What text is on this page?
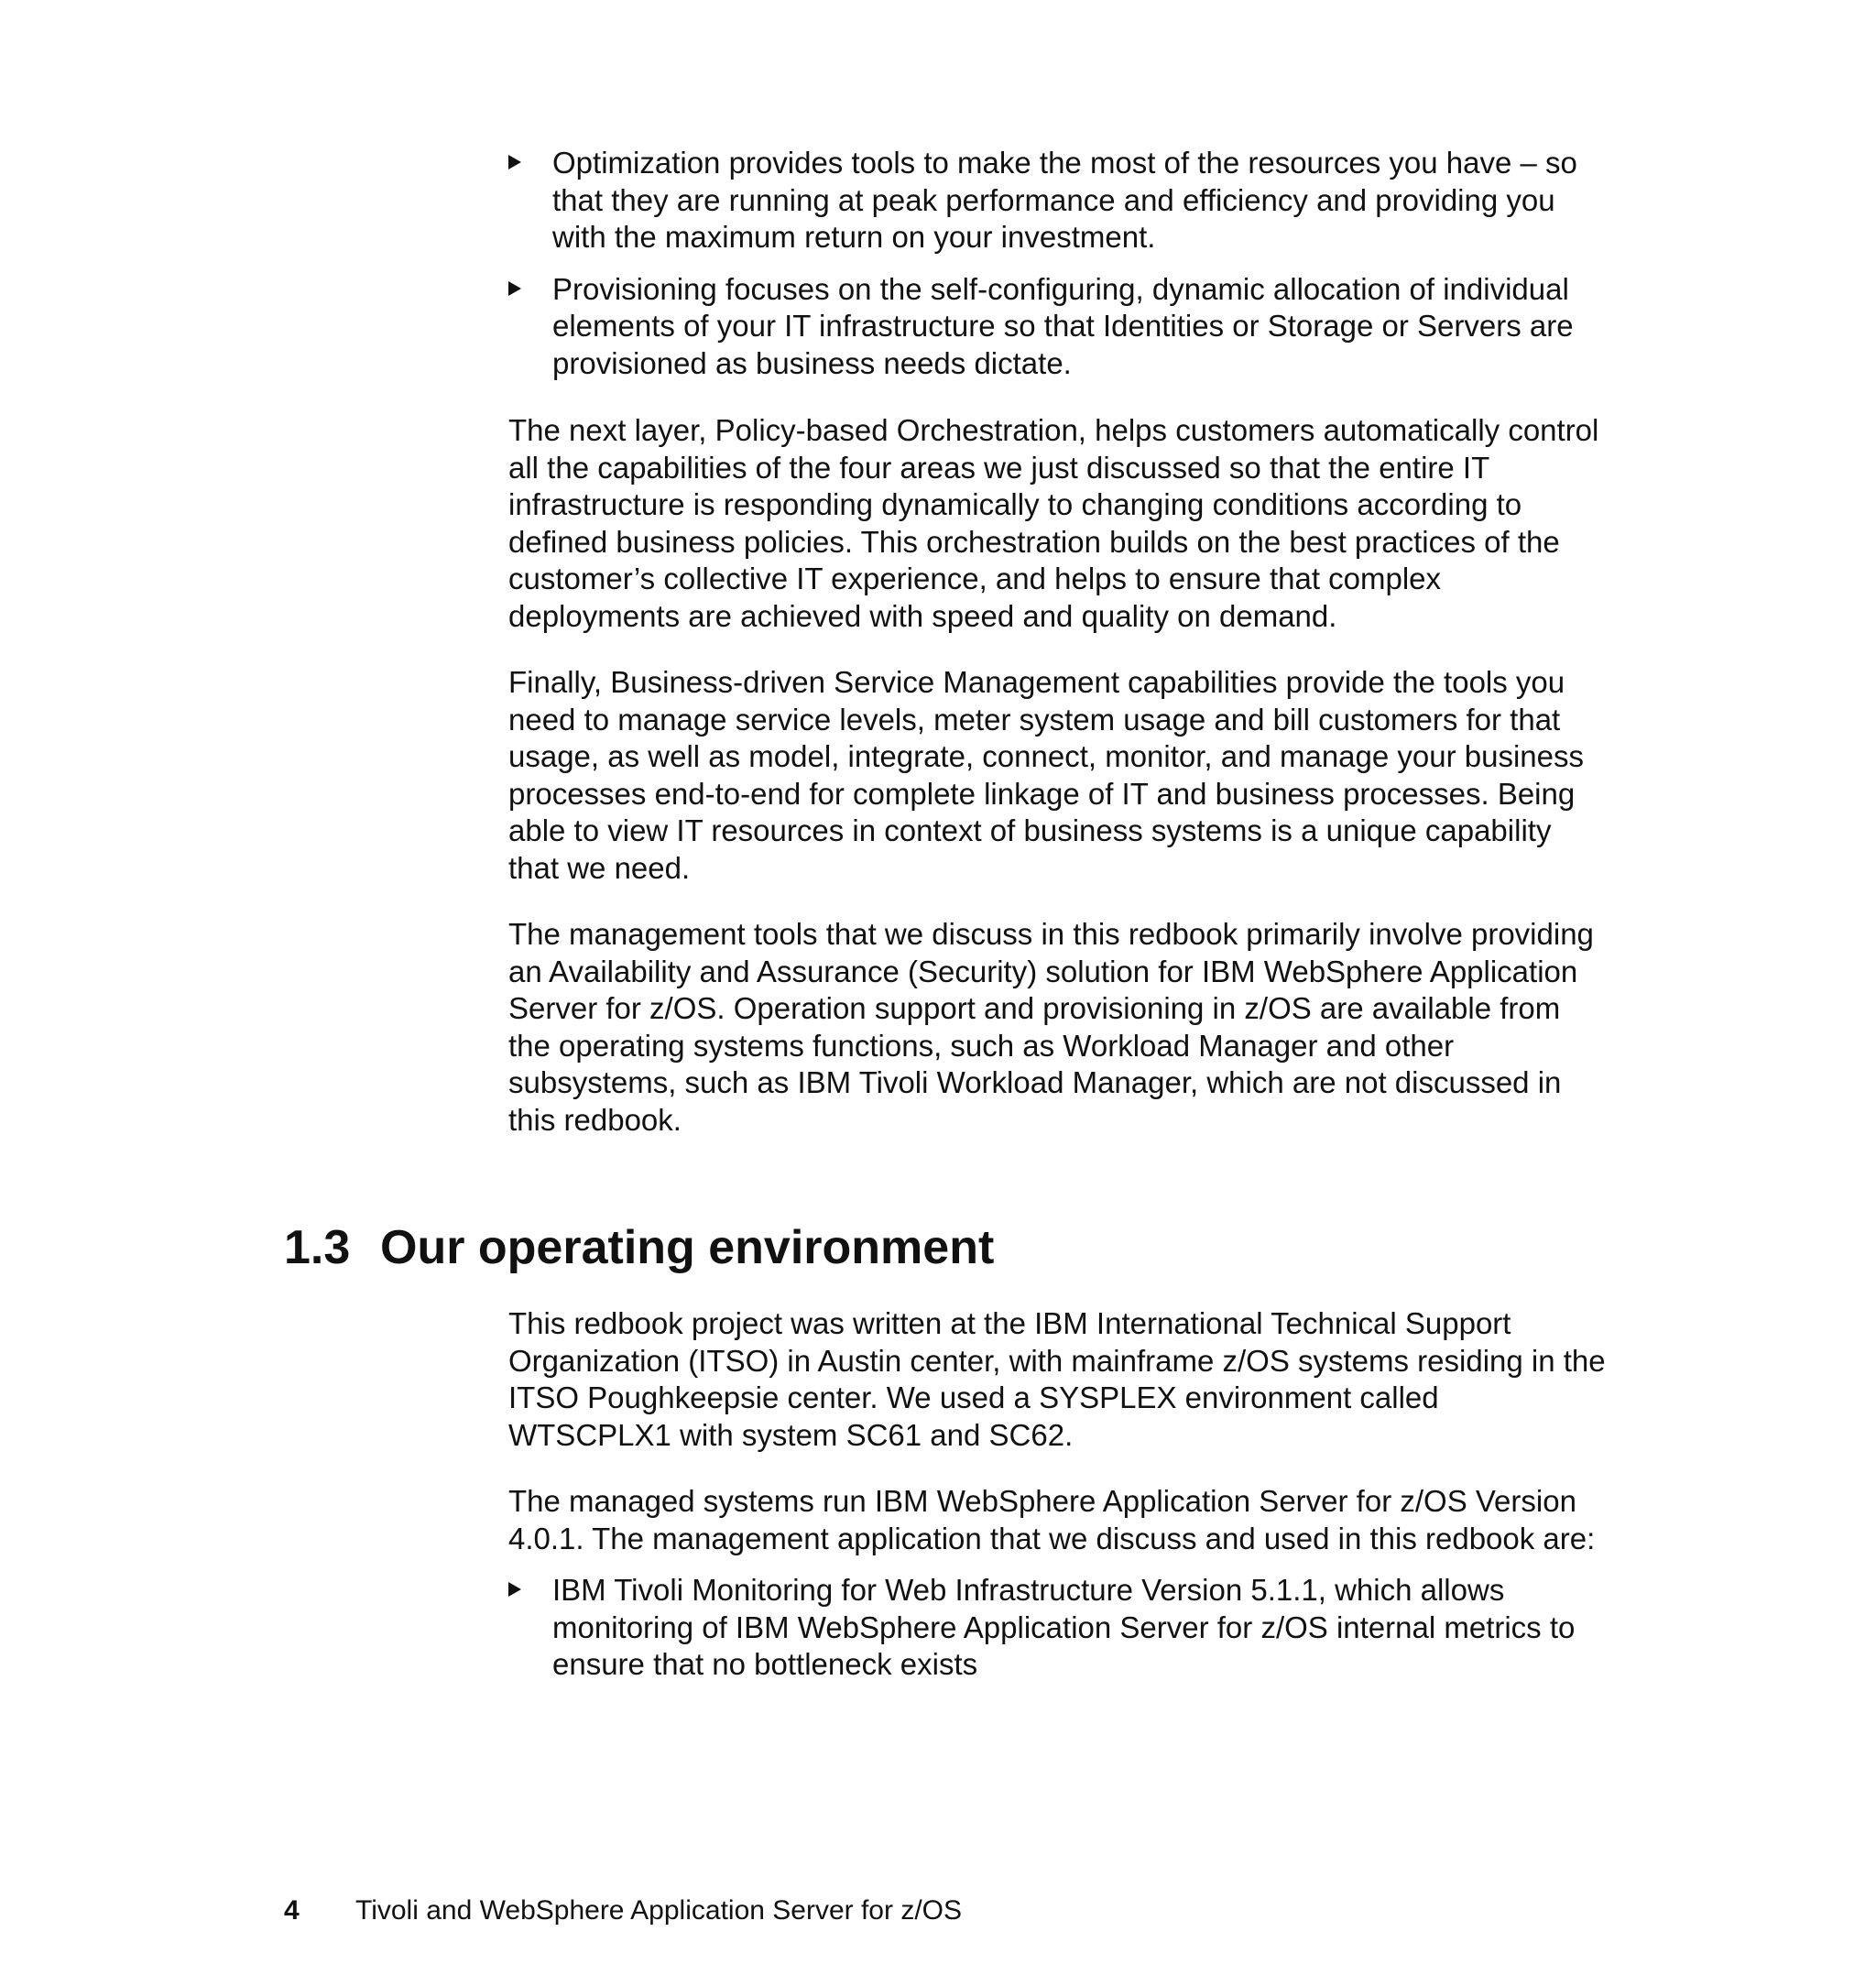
Optimization provides tools to make the most of the resources you have – so that they are running at peak performance and efficiency and providing you with the maximum return on your investment.
Provisioning focuses on the self-configuring, dynamic allocation of individual elements of your IT infrastructure so that Identities or Storage or Servers are provisioned as business needs dictate.

The next layer, Policy-based Orchestration, helps customers automatically control all the capabilities of the four areas we just discussed so that the entire IT infrastructure is responding dynamically to changing conditions according to defined business policies. This orchestration builds on the best practices of the customer’s collective IT experience, and helps to ensure that complex deployments are achieved with speed and quality on demand.

Finally, Business-driven Service Management capabilities provide the tools you need to manage service levels, meter system usage and bill customers for that usage, as well as model, integrate, connect, monitor, and manage your business processes end-to-end for complete linkage of IT and business processes. Being able to view IT resources in context of business systems is a unique capability that we need.

The management tools that we discuss in this redbook primarily involve providing an Availability and Assurance (Security) solution for IBM WebSphere Application Server for z/OS. Operation support and provisioning in z/OS are available from the operating systems functions, such as Workload Manager and other subsystems, such as IBM Tivoli Workload Manager, which are not discussed in this redbook.

1.3 Our operating environment

This redbook project was written at the IBM International Technical Support Organization (ITSO) in Austin center, with mainframe z/OS systems residing in the ITSO Poughkeepsie center. We used a SYSPLEX environment called WTSCPLX1 with system SC61 and SC62.

The managed systems run IBM WebSphere Application Server for z/OS Version 4.0.1. The management application that we discuss and used in this redbook are:

IBM Tivoli Monitoring for Web Infrastructure Version 5.1.1, which allows monitoring of IBM WebSphere Application Server for z/OS internal metrics to ensure that no bottleneck exists
4 Tivoli and WebSphere Application Server for z/OS
